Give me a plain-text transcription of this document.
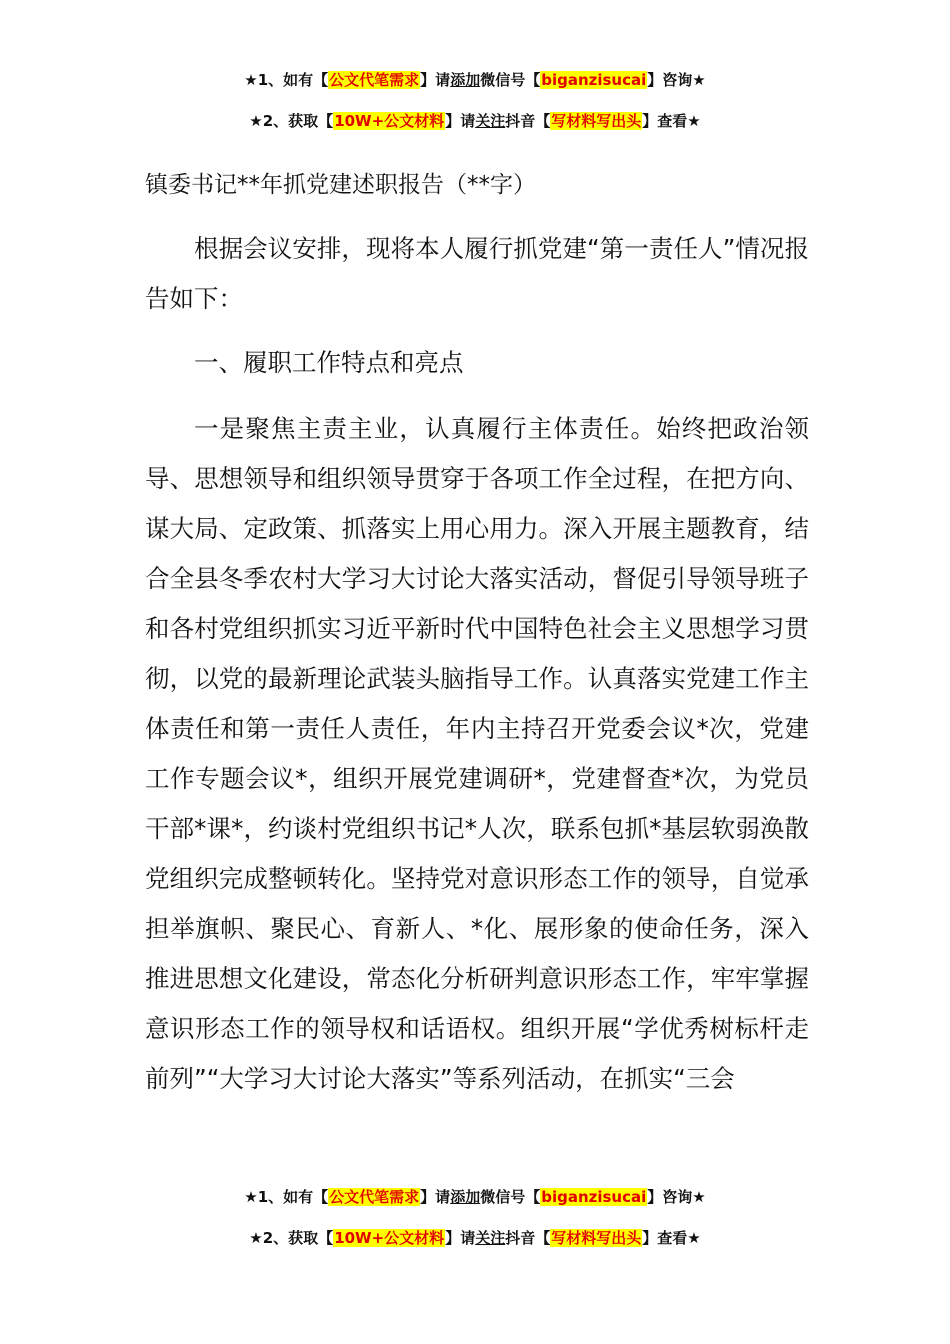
★1、如有【公文代笔需求】请添加微信号【biganzisucai】咨询★
★2、获取【10W+公文材料】请关注抖音【写材料写出头】查看★
镇委书记**年抓党建述职报告（**字）

根据会议安排，现将本人履行抓党建“第一责任人”情况报告如下：

一、履职工作特点和亮点

一是聚焦主责主业，认真履行主体责任。始终把政治领导、思想领导和组织领导贯穿于各项工作全过程，在把方向、谋大局、定政策、抓落实上用心用力。深入开展主题教育，结合全县冬季农村大学习大讨论大落实活动，督促引导领导班子和各村党组织抓实习近平新时代中国特色社会主义思想学习贯彻，以党的最新理论武装头脑指导工作。认真落实党建工作主体责任和第一责任人责任，年内主持召开党委会议*次，党建工作专题会议*，组织开展党建调研*，党建督查*次，为党员干部*课*，约谈村党组织书记*人次，联系包抓*基层软弱涣散党组织完成整顿转化。坚持党对意识形态工作的领导，自觉承担举旗帜、聚民心、育新人、*化、展形象的使命任务，深入推进思想文化建设，常态化分析研判意识形态工作，牢牢掌握意识形态工作的领导权和话语权。组织开展“学优秀树标杆走前列”“大学习大讨论大落实”等系列活动，在抓实“三会

★1、如有【公文代笔需求】请添加微信号【biganzisucai】咨询★
★2、获取【10W+公文材料】请关注抖音【写材料写出头】查看★
